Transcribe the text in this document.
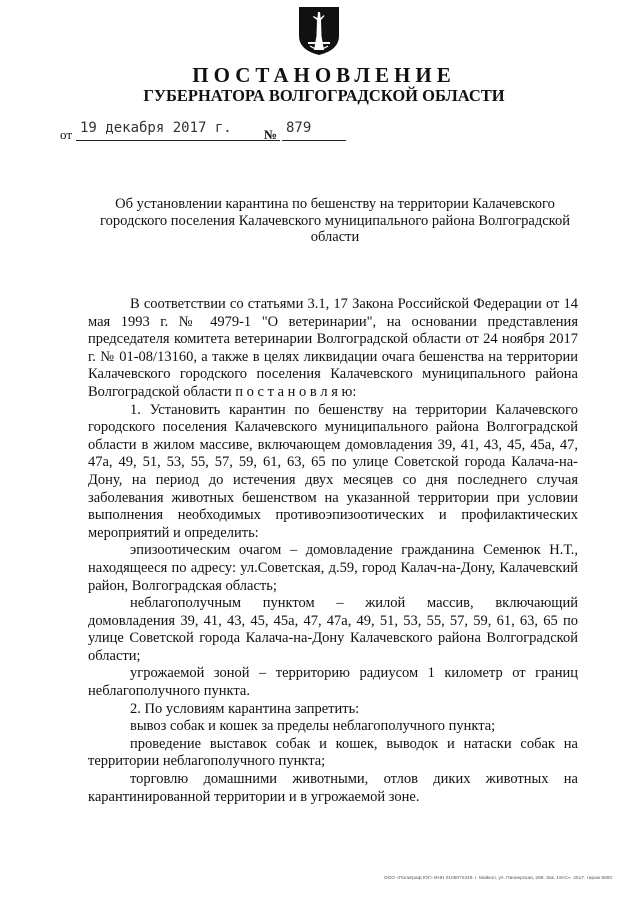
ПОСТАНОВЛЕНИЕ
ГУБЕРНАТОРА ВОЛГОГРАДСКОЙ ОБЛАСТИ
от 19 декабря 2017 г. № 879
Об установлении карантина по бешенству на территории Калачевского городского поселения Калачевского муниципального района Волгоградской области

В соответствии со статьями 3.1, 17 Закона Российской Федерации от 14 мая 1993 г. № 4979-1 "О ветеринарии", на основании представления председателя комитета ветеринарии Волгоградской области от 24 ноября 2017 г. № 01-08/13160, а также в целях ликвидации очага бешенства на территории Калачевского городского поселения Калачевского муниципального района Волгоградской области п о с т а н о в л я ю:

1. Установить карантин по бешенству на территории Калачевского городского поселения Калачевского муниципального района Волгоградской области в жилом массиве, включающем домовладения 39, 41, 43, 45, 45а, 47, 47а, 49, 51, 53, 55, 57, 59, 61, 63, 65 по улице Советской города Калача-на-Дону, на период до истечения двух месяцев со дня последнего случая заболевания животных бешенством на указанной территории при условии выполнения необходимых противоэпизоотических и профилактических мероприятий и определить:

эпизоотическим очагом – домовладение гражданина Семенюк Н.Т., находящееся по адресу: ул.Советская, д.59, город Калач-на-Дону, Калачевский район, Волгоградская область;

неблагополучным пунктом – жилой массив, включающий домовладения 39, 41, 43, 45, 45а, 47, 47а, 49, 51, 53, 55, 57, 59, 61, 63, 65 по улице Советской города Калача-на-Дону Калачевского района Волгоградской области;

угрожаемой зоной – территорию радиусом 1 километр от границ неблагополучного пункта.

2. По условиям карантина запретить:

вывоз собак и кошек за пределы неблагополучного пункта;

проведение выставок собак и кошек, выводок и натаски собак на территории неблагополучного пункта;

торговлю домашними животными, отлов диких животных на карантинированной территории и в угрожаемой зоне.

ООО «Полиграф ЮГ» ИНН 0105072349. г. Майкоп, ул. Пионерская, 268. Зак. 19«С». 2017. тираж 5000
